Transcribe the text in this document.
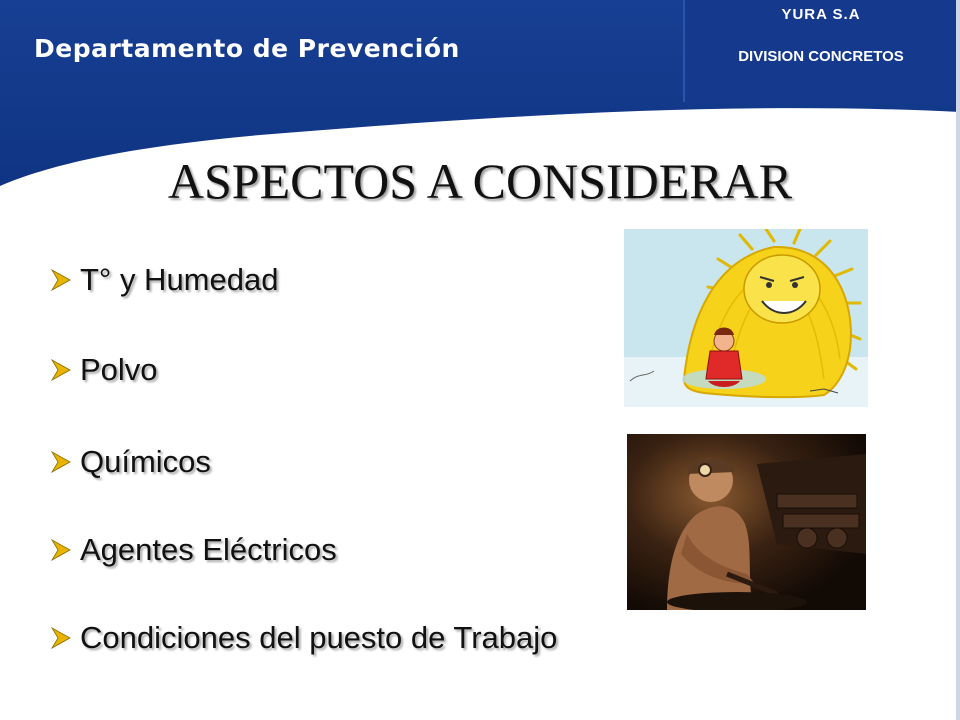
Departamento de Prevención
YURA S.A
DIVISION CONCRETOS
ASPECTOS A CONSIDERAR
T° y Humedad
Polvo
Químicos
Agentes Eléctricos
Condiciones del puesto de Trabajo
